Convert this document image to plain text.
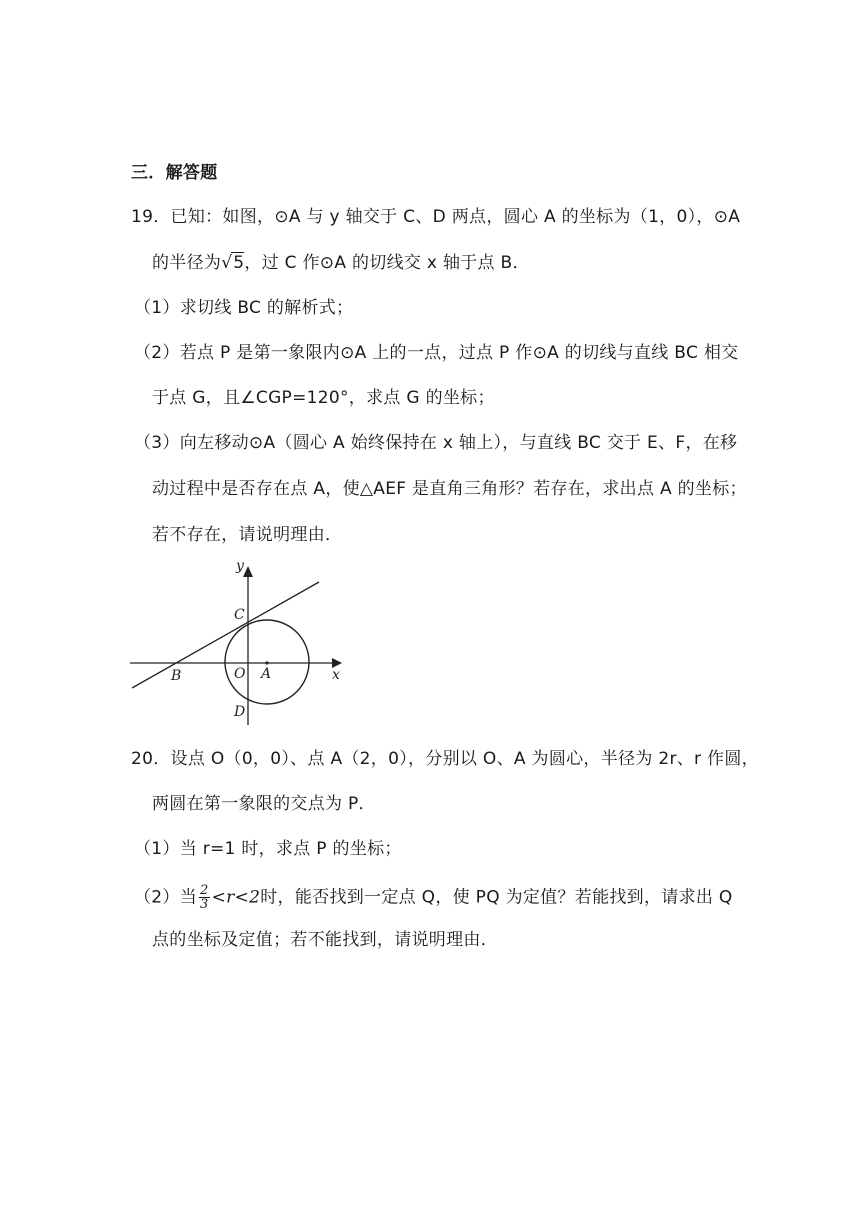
三．解答题
19．已知：如图，⊙A 与 y 轴交于 C、D 两点，圆心 A 的坐标为（1，0），⊙A
的半径为 √ 5，过 C 作⊙A 的切线交 x 轴于点 B．
（1）求切线 BC 的解析式；
（2）若点 P 是第一象限内⊙A 上的一点，过点 P 作⊙A 的切线与直线 BC 相交
于点 G，且∠CGP=120°，求点 G 的坐标；
（3）向左移动⊙A（圆心 A 始终保持在 x 轴上），与直线 BC 交于 E、F，在移
动过程中是否存在点 A，使△AEF 是直角三角形？若存在，求出点 A 的坐标；
若不存在，请说明理由．
y
x
C
B	O A
D
20．设点 O（0，0）、点 A（2，0），分别以 O、A 为圆心，半径为 2r、r 作圆，
两圆在第一象限的交点为 P．
（1）当 r=1 时，求点 P 的坐标；
（2）当 $\frac{2}{3} <r<2$时，能否找到一定点 Q，使 PQ 为定值？若能找到，请求出 Q
点的坐标及定值；若不能找到，请说明理由．
